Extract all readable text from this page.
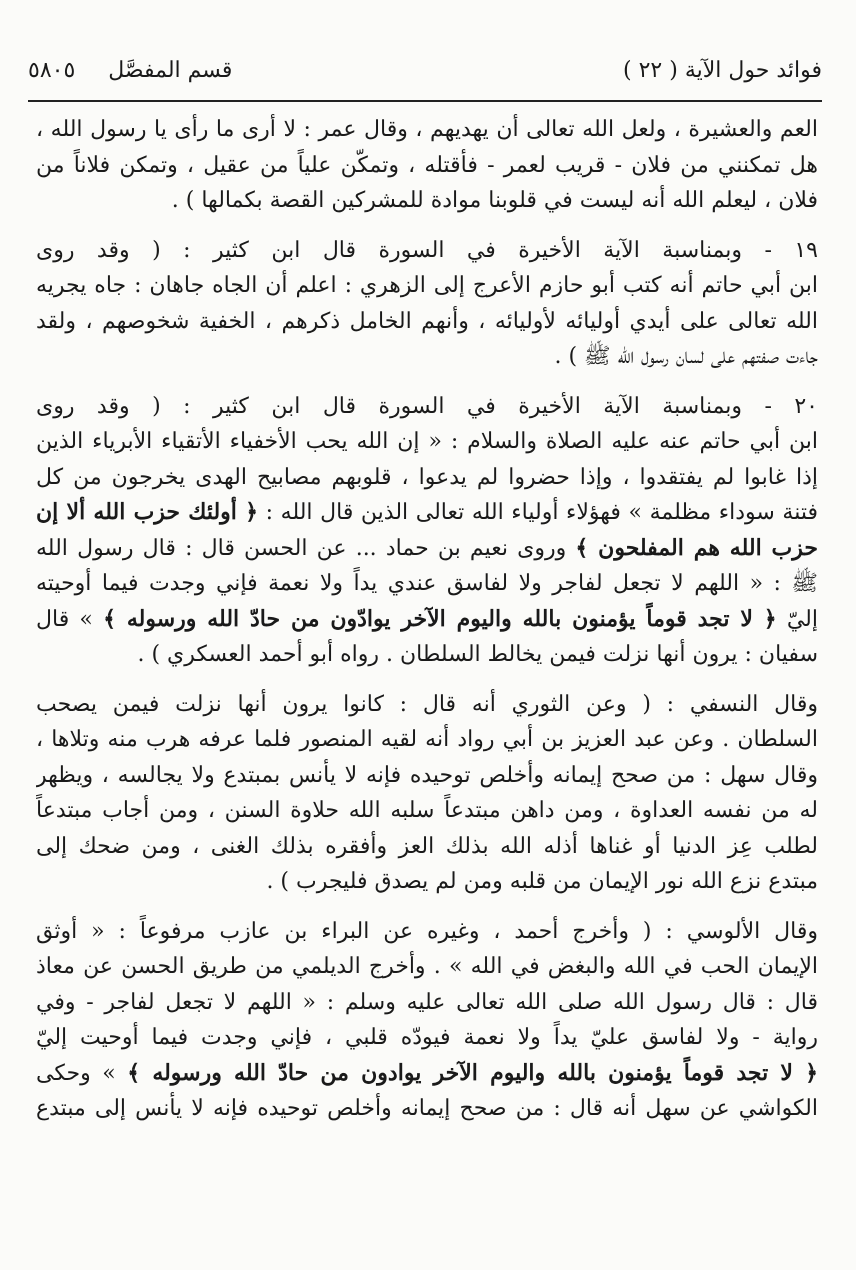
فوائد حول الآية ( ٢٢ )
قسم المفصَّل ٥٨٠٥
العم والعشيرة ، ولعل الله تعالى أن يهديهم ، وقال عمر : لا أرى ما رأى يا رسول الله ،
هل تمكنني من فلان - قريب لعمر - فأقتله ، وتمكّن علياً من عقيل ، وتمكن فلاناً من
فلان ، ليعلم الله أنه ليست في قلوبنا موادة للمشركين القصة بكمالها ) .
١٩ - وبمناسبة الآية الأخيرة في السورة قال ابن كثير : ( وقد روى
ابن أبي حاتم أنه كتب أبو حازم الأعرج إلى الزهري : اعلم أن الجاه جاهان : جاه يجريه
الله تعالى على أيدي أوليائه لأوليائه ، وأنهم الخامل ذكرهم ، الخفية شخوصهم ، ولقد
جاءت صفتهم على لسان رسول الله ﷺ ) .
٢٠ - وبمناسبة الآية الأخيرة في السورة قال ابن كثير : ( وقد روى
ابن أبي حاتم عنه عليه الصلاة والسلام : « إن الله يحب الأخفياء الأتقياء الأبرياء الذين
إذا غابوا لم يفتقدوا ، وإذا حضروا لم يدعوا ، قلوبهم مصابيح الهدى يخرجون من كل
فتنة سوداء مظلمة » فهؤلاء أولياء الله تعالى الذين قال الله : ﴿ أولئك حزب الله ألا إن
حزب الله هم المفلحون ﴾ وروى نعيم بن حماد ... عن الحسن قال : قال رسول الله
ﷺ : « اللهم لا تجعل لفاجر ولا لفاسق عندي يداً ولا نعمة فإني وجدت فيما أوحيته
إليّ ﴿ لا تجد قوماً يؤمنون بالله واليوم الآخر يوادّون من حادّ الله ورسوله ﴾ » قال
سفيان : يرون أنها نزلت فيمن يخالط السلطان . رواه أبو أحمد العسكري ) .
وقال النسفي : ( وعن الثوري أنه قال : كانوا يرون أنها نزلت فيمن يصحب
السلطان . وعن عبد العزيز بن أبي رواد أنه لقيه المنصور فلما عرفه هرب منه وتلاها ،
وقال سهل : من صحح إيمانه وأخلص توحيده فإنه لا يأنس بمبتدع ولا يجالسه ، ويظهر
له من نفسه العداوة ، ومن داهن مبتدعاً سلبه الله حلاوة السنن ، ومن أجاب مبتدعاً
لطلب عِز الدنيا أو غناها أذله الله بذلك العز وأفقره بذلك الغنى ، ومن ضحك إلى
مبتدع نزع الله نور الإيمان من قلبه ومن لم يصدق فليجرب ) .
وقال الألوسي : ( وأخرج أحمد ، وغيره عن البراء بن عازب مرفوعاً : « أوثق
الإيمان الحب في الله والبغض في الله » . وأخرج الديلمي من طريق الحسن عن معاذ
قال : قال رسول الله صلى الله تعالى عليه وسلم : « اللهم لا تجعل لفاجر - وفي
رواية - ولا لفاسق عليّ يداً ولا نعمة فيودّه قلبي ، فإني وجدت فيما أوحيت إليّ
﴿ لا تجد قوماً يؤمنون بالله واليوم الآخر يوادون من حادّ الله ورسوله ﴾ » وحكى
الكواشي عن سهل أنه قال : من صحح إيمانه وأخلص توحيده فإنه لا يأنس إلى مبتدع
